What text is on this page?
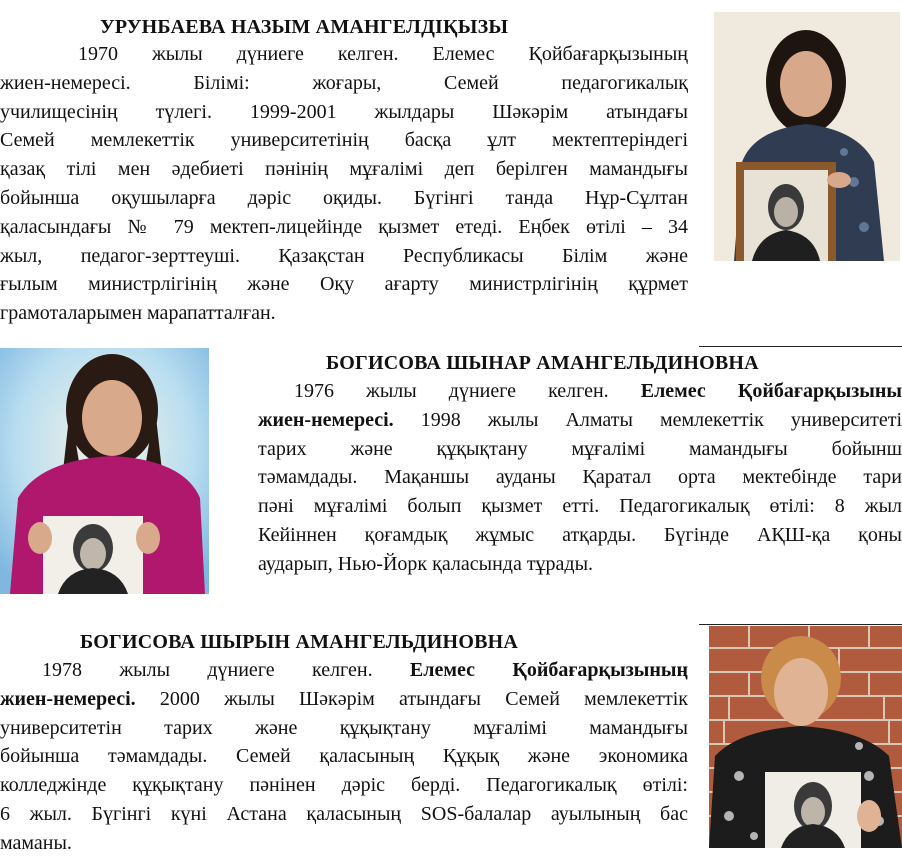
УРУНБАЕВА НАЗЫМ АМАНГЕЛДІҚЫЗЫ
1970 жылы дүниеге келген. Елемес Қойбағарқызының
жиен-немересі. Білімі: жоғары, Семей педагогикалық
училищесінің түлегі. 1999-2001 жылдары Шәкәрім атындағы
Семей мемлекеттік университетінің басқа ұлт мектептеріндегі
қазақ тілі мен әдебиеті пәнінің мұғалімі деп берілген мамандығы
бойынша оқушыларға дәріс оқиды. Бүгінгі танда Нұр-Сұлтан
қаласындағы № 79 мектеп-лицейінде қызмет етеді. Еңбек өтілі – 34
жыл, педагог-зерттеуші. Қазақстан Республикасы Білім және
ғылым министрлігінің және Оқу ағарту министрлігінің құрмет
грамоталарымен марапатталған.
БОГИСОВА ШЫНАР АМАНГЕЛЬДИНОВНА
1976 жылы дүниеге келген. Елемес Қойбағарқызыны
жиен-немересі. 1998 жылы Алматы мемлекеттік университеті
тарих және құқықтану мұғалімі мамандығы бойынш
тәмамдады. Мақаншы ауданы Қаратал орта мектебінде тари
пәні мұғалімі болып қызмет етті. Педагогикалық өтілі: 8 жыл
Кейіннен қоғамдық жұмыс атқарды. Бүгінде АҚШ-қа қоны
аударып, Нью-Йорк қаласында тұрады.
БОГИСОВА ШЫРЫН АМАНГЕЛЬДИНОВНА
1978 жылы дүниеге келген. Елемес Қойбағарқызының
жиен-немересі. 2000 жылы Шәкәрім атындағы Семей мемлекеттік
университетін тарих және құқықтану мұғалімі мамандығы
бойынша тәмамдады. Семей қаласының Құқық және экономика
колледжінде құқықтану пәнінен дәріс берді. Педагогикалық өтілі:
6 жыл. Бүгінгі күні Астана қаласының SOS-балалар ауылының бас
маманы.
